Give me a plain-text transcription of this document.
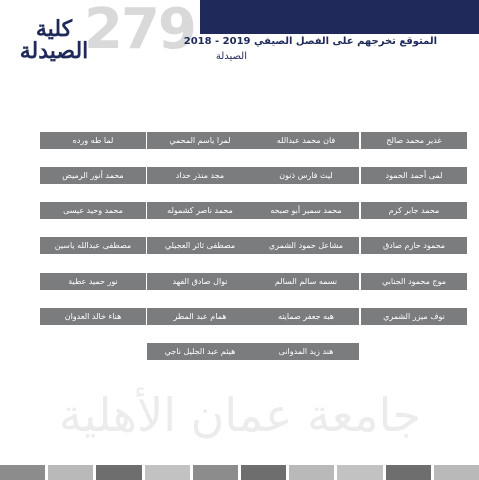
279
كلية
الصيدلة	المتوقع تخرجهم على الفصل الصيفي 2018 - 2019
الصيدلة
غدير محمد صالح
لمى أحمد الحمود
محمد جابر كرم
محمود حازم صادق
موج محمود الجنابي
نوف ميزر الشمري
فان محمد عبدالله
ليث فارس ذنون
محمد سمير أبو صبحه
مشاعل حمود الشمري
نسمه سالم السالم
هبه جعفر صمايته
هند زيد المدوانى
لمرا ياسم المحمي
مجد منذر حداد
محمد ناصر كشموله
مصطفى ثائر العجيلي
نوال صادق الفهد
همام عبد المطر
هيثم عبد الجليل ناجي
لما طه ورده
محمد أنور الرميض
محمد وحيد عيسى
مصطفى عبدالله ياسين
نور حميد عطية
هناء خالد العدوان
جامعة عمان الأهلية
